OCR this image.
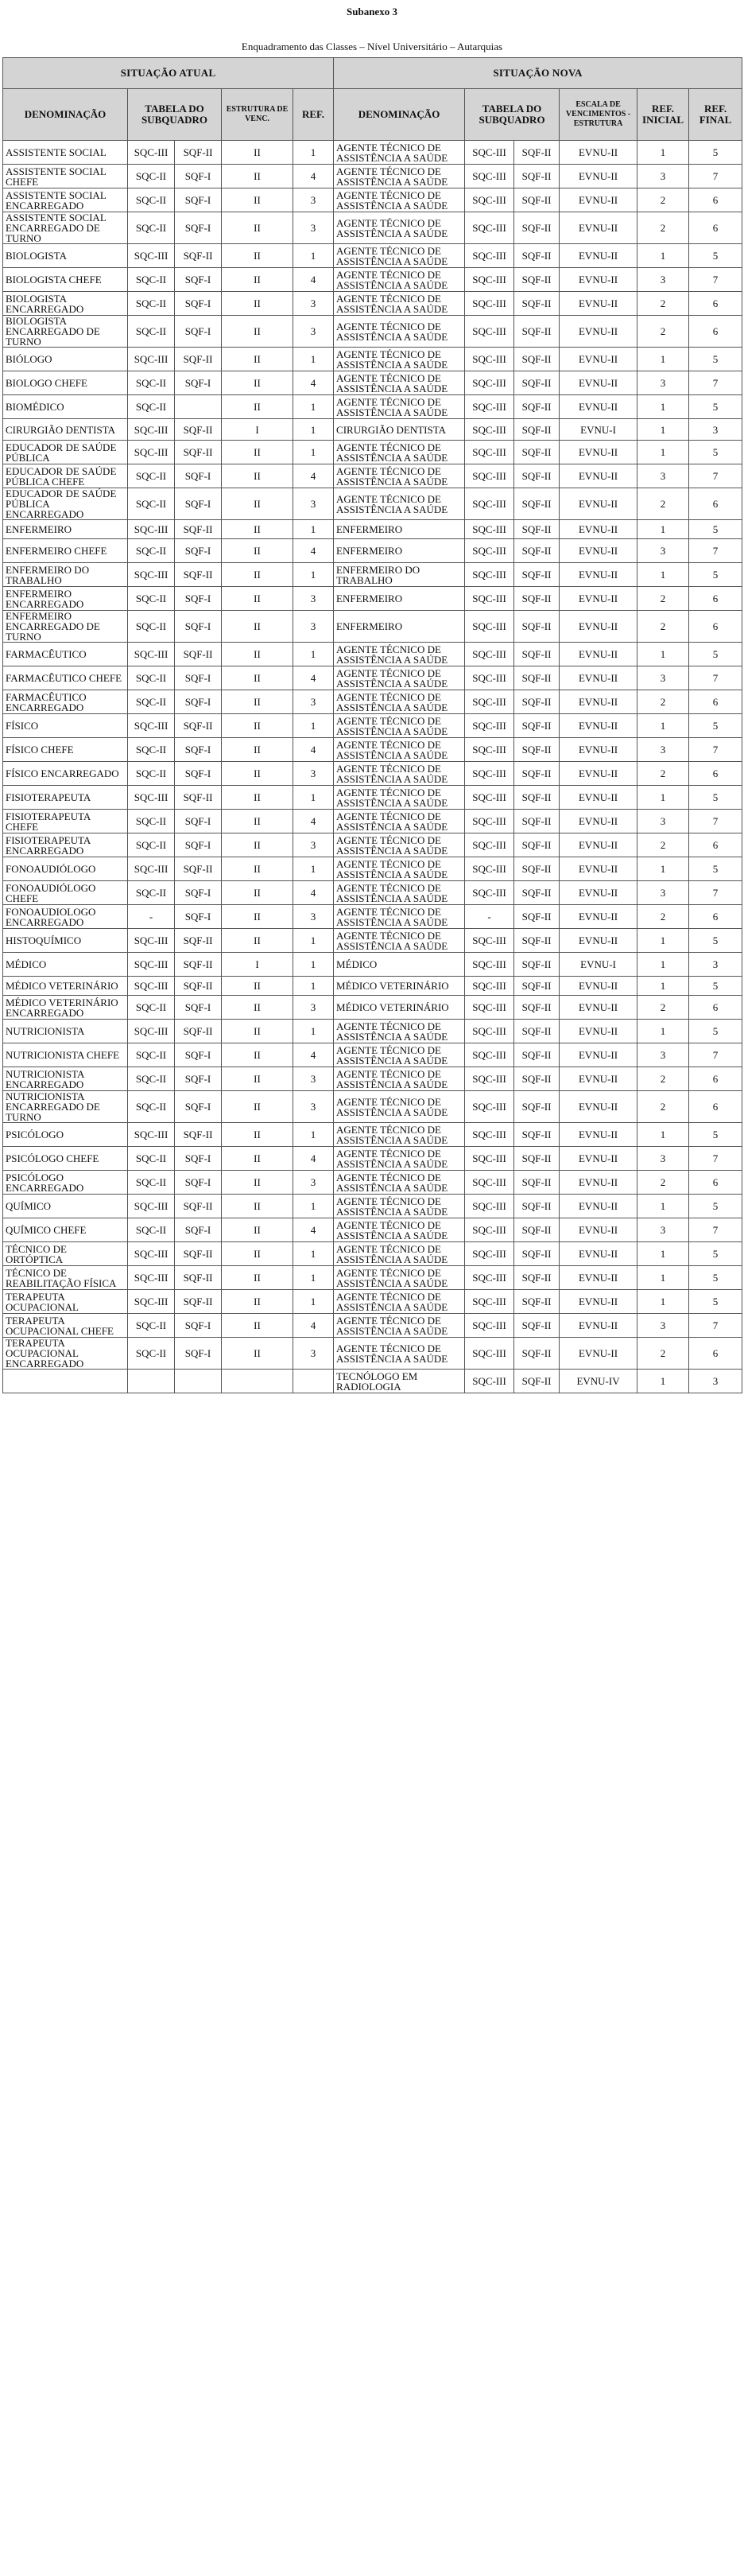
Subanexo 3
Enquadramento das Classes – Nível Universitário – Autarquias
SITUAÇÃO ATUAL					SITUAÇÃO NOVA					
DENOMINAÇÃO	TABELA DO SUBQUADRO		ESTRUTURA DE VENC.	REF.	DENOMINAÇÃO	TABELA DO SUBQUADRO		ESCALA DE VENCIMENTOS - ESTRUTURA	REF. INICIAL	REF. FINAL
ASSISTENTE SOCIAL	SQC-III	SQF-II	II	1	AGENTE TÉCNICO DE ASSISTÊNCIA A SAÚDE	SQC-III	SQF-II	EVNU-II	1	5
ASSISTENTE SOCIAL CHEFE	SQC-II	SQF-I	II	4	AGENTE TÉCNICO DE ASSISTÊNCIA A SAÚDE	SQC-III	SQF-II	EVNU-II	3	7
ASSISTENTE SOCIAL ENCARREGADO	SQC-II	SQF-I	II	3	AGENTE TÉCNICO DE ASSISTÊNCIA A SAÚDE	SQC-III	SQF-II	EVNU-II	2	6
ASSISTENTE SOCIAL ENCARREGADO DE TURNO	SQC-II	SQF-I	II	3	AGENTE TÉCNICO DE ASSISTÊNCIA A SAÚDE	SQC-III	SQF-II	EVNU-II	2	6
BIOLOGISTA	SQC-III	SQF-II	II	1	AGENTE TÉCNICO DE ASSISTÊNCIA A SAÚDE	SQC-III	SQF-II	EVNU-II	1	5
BIOLOGISTA CHEFE	SQC-II	SQF-I	II	4	AGENTE TÉCNICO DE ASSISTÊNCIA A SAÚDE	SQC-III	SQF-II	EVNU-II	3	7
BIOLOGISTA ENCARREGADO	SQC-II	SQF-I	II	3	AGENTE TÉCNICO DE ASSISTÊNCIA A SAÚDE	SQC-III	SQF-II	EVNU-II	2	6
BIOLOGISTA ENCARREGADO DE TURNO	SQC-II	SQF-I	II	3	AGENTE TÉCNICO DE ASSISTÊNCIA A SAÚDE	SQC-III	SQF-II	EVNU-II	2	6
BIÓLOGO	SQC-III	SQF-II	II	1	AGENTE TÉCNICO DE ASSISTÊNCIA A SAÚDE	SQC-III	SQF-II	EVNU-II	1	5
BIOLOGO CHEFE	SQC-II	SQF-I	II	4	AGENTE TÉCNICO DE ASSISTÊNCIA A SAÚDE	SQC-III	SQF-II	EVNU-II	3	7
BIOMÉDICO	SQC-II		II	1	AGENTE TÉCNICO DE ASSISTÊNCIA A SAÚDE	SQC-III	SQF-II	EVNU-II	1	5
CIRURGIÃO DENTISTA	SQC-III	SQF-II	I	1	CIRURGIÃO DENTISTA	SQC-III	SQF-II	EVNU-I	1	3
EDUCADOR DE SAÚDE PÚBLICA	SQC-III	SQF-II	II	1	AGENTE TÉCNICO DE ASSISTÊNCIA A SAÚDE	SQC-III	SQF-II	EVNU-II	1	5
EDUCADOR DE SAÚDE PÚBLICA CHEFE	SQC-II	SQF-I	II	4	AGENTE TÉCNICO DE ASSISTÊNCIA A SAÚDE	SQC-III	SQF-II	EVNU-II	3	7
EDUCADOR DE SAÚDE PÚBLICA ENCARREGADO	SQC-II	SQF-I	II	3	AGENTE TÉCNICO DE ASSISTÊNCIA A SAÚDE	SQC-III	SQF-II	EVNU-II	2	6
ENFERMEIRO	SQC-III	SQF-II	II	1	ENFERMEIRO	SQC-III	SQF-II	EVNU-II	1	5
ENFERMEIRO CHEFE	SQC-II	SQF-I	II	4	ENFERMEIRO	SQC-III	SQF-II	EVNU-II	3	7
ENFERMEIRO DO TRABALHO	SQC-III	SQF-II	II	1	ENFERMEIRO DO TRABALHO	SQC-III	SQF-II	EVNU-II	1	5
ENFERMEIRO ENCARREGADO	SQC-II	SQF-I	II	3	ENFERMEIRO	SQC-III	SQF-II	EVNU-II	2	6
ENFERMEIRO ENCARREGADO DE TURNO	SQC-II	SQF-I	II	3	ENFERMEIRO	SQC-III	SQF-II	EVNU-II	2	6
FARMACÊUTICO	SQC-III	SQF-II	II	1	AGENTE TÉCNICO DE ASSISTÊNCIA A SAÚDE	SQC-III	SQF-II	EVNU-II	1	5
FARMACÊUTICO CHEFE	SQC-II	SQF-I	II	4	AGENTE TÉCNICO DE ASSISTÊNCIA A SAÚDE	SQC-III	SQF-II	EVNU-II	3	7
FARMACÊUTICO ENCARREGADO	SQC-II	SQF-I	II	3	AGENTE TÉCNICO DE ASSISTÊNCIA A SAÚDE	SQC-III	SQF-II	EVNU-II	2	6
FÍSICO	SQC-III	SQF-II	II	1	AGENTE TÉCNICO DE ASSISTÊNCIA A SAÚDE	SQC-III	SQF-II	EVNU-II	1	5
FÍSICO CHEFE	SQC-II	SQF-I	II	4	AGENTE TÉCNICO DE ASSISTÊNCIA A SAÚDE	SQC-III	SQF-II	EVNU-II	3	7
FÍSICO ENCARREGADO	SQC-II	SQF-I	II	3	AGENTE TÉCNICO DE ASSISTÊNCIA A SAÚDE	SQC-III	SQF-II	EVNU-II	2	6
FISIOTERAPEUTA	SQC-III	SQF-II	II	1	AGENTE TÉCNICO DE ASSISTÊNCIA A SAÚDE	SQC-III	SQF-II	EVNU-II	1	5
FISIOTERAPEUTA CHEFE	SQC-II	SQF-I	II	4	AGENTE TÉCNICO DE ASSISTÊNCIA A SAÚDE	SQC-III	SQF-II	EVNU-II	3	7
FISIOTERAPEUTA ENCARREGADO	SQC-II	SQF-I	II	3	AGENTE TÉCNICO DE ASSISTÊNCIA A SAÚDE	SQC-III	SQF-II	EVNU-II	2	6
FONOAUDIÓLOGO	SQC-III	SQF-II	II	1	AGENTE TÉCNICO DE ASSISTÊNCIA A SAÚDE	SQC-III	SQF-II	EVNU-II	1	5
FONOAUDIÓLOGO CHEFE	SQC-II	SQF-I	II	4	AGENTE TÉCNICO DE ASSISTÊNCIA A SAÚDE	SQC-III	SQF-II	EVNU-II	3	7
FONOAUDIOLOGO ENCARREGADO	-	SQF-I	II	3	AGENTE TÉCNICO DE ASSISTÊNCIA A SAÚDE	-	SQF-II	EVNU-II	2	6
HISTOQUÍMICO	SQC-III	SQF-II	II	1	AGENTE TÉCNICO DE ASSISTÊNCIA A SAÚDE	SQC-III	SQF-II	EVNU-II	1	5
MÉDICO	SQC-III	SQF-II	I	1	MÉDICO	SQC-III	SQF-II	EVNU-I	1	3
MÉDICO VETERINÁRIO	SQC-III	SQF-II	II	1	MÉDICO VETERINÁRIO	SQC-III	SQF-II	EVNU-II	1	5
MÉDICO VETERINÁRIO ENCARREGADO	SQC-II	SQF-I	II	3	MÉDICO VETERINÁRIO	SQC-III	SQF-II	EVNU-II	2	6
NUTRICIONISTA	SQC-III	SQF-II	II	1	AGENTE TÉCNICO DE ASSISTÊNCIA A SAÚDE	SQC-III	SQF-II	EVNU-II	1	5
NUTRICIONISTA CHEFE	SQC-II	SQF-I	II	4	AGENTE TÉCNICO DE ASSISTÊNCIA A SAÚDE	SQC-III	SQF-II	EVNU-II	3	7
NUTRICIONISTA ENCARREGADO	SQC-II	SQF-I	II	3	AGENTE TÉCNICO DE ASSISTÊNCIA A SAÚDE	SQC-III	SQF-II	EVNU-II	2	6
NUTRICIONISTA ENCARREGADO DE TURNO	SQC-II	SQF-I	II	3	AGENTE TÉCNICO DE ASSISTÊNCIA A SAÚDE	SQC-III	SQF-II	EVNU-II	2	6
PSICÓLOGO	SQC-III	SQF-II	II	1	AGENTE TÉCNICO DE ASSISTÊNCIA A SAÚDE	SQC-III	SQF-II	EVNU-II	1	5
PSICÓLOGO CHEFE	SQC-II	SQF-I	II	4	AGENTE TÉCNICO DE ASSISTÊNCIA A SAÚDE	SQC-III	SQF-II	EVNU-II	3	7
PSICÓLOGO ENCARREGADO	SQC-II	SQF-I	II	3	AGENTE TÉCNICO DE ASSISTÊNCIA A SAÚDE	SQC-III	SQF-II	EVNU-II	2	6
QUÍMICO	SQC-III	SQF-II	II	1	AGENTE TÉCNICO DE ASSISTÊNCIA A SAÚDE	SQC-III	SQF-II	EVNU-II	1	5
QUÍMICO CHEFE	SQC-II	SQF-I	II	4	AGENTE TÉCNICO DE ASSISTÊNCIA A SAÚDE	SQC-III	SQF-II	EVNU-II	3	7
TÉCNICO DE ORTÓPTICA	SQC-III	SQF-II	II	1	AGENTE TÉCNICO DE ASSISTÊNCIA A SAÚDE	SQC-III	SQF-II	EVNU-II	1	5
TÉCNICO DE REABILITAÇÃO FÍSICA	SQC-III	SQF-II	II	1	AGENTE TÉCNICO DE ASSISTÊNCIA A SAÚDE	SQC-III	SQF-II	EVNU-II	1	5
TERAPEUTA OCUPACIONAL	SQC-III	SQF-II	II	1	AGENTE TÉCNICO DE ASSISTÊNCIA A SAÚDE	SQC-III	SQF-II	EVNU-II	1	5
TERAPEUTA OCUPACIONAL CHEFE	SQC-II	SQF-I	II	4	AGENTE TÉCNICO DE ASSISTÊNCIA A SAÚDE	SQC-III	SQF-II	EVNU-II	3	7
TERAPEUTA OCUPACIONAL ENCARREGADO	SQC-II	SQF-I	II	3	AGENTE TÉCNICO DE ASSISTÊNCIA A SAÚDE	SQC-III	SQF-II	EVNU-II	2	6
					TECNÓLOGO EM RADIOLOGIA	SQC-III	SQF-II	EVNU-IV	1	3
